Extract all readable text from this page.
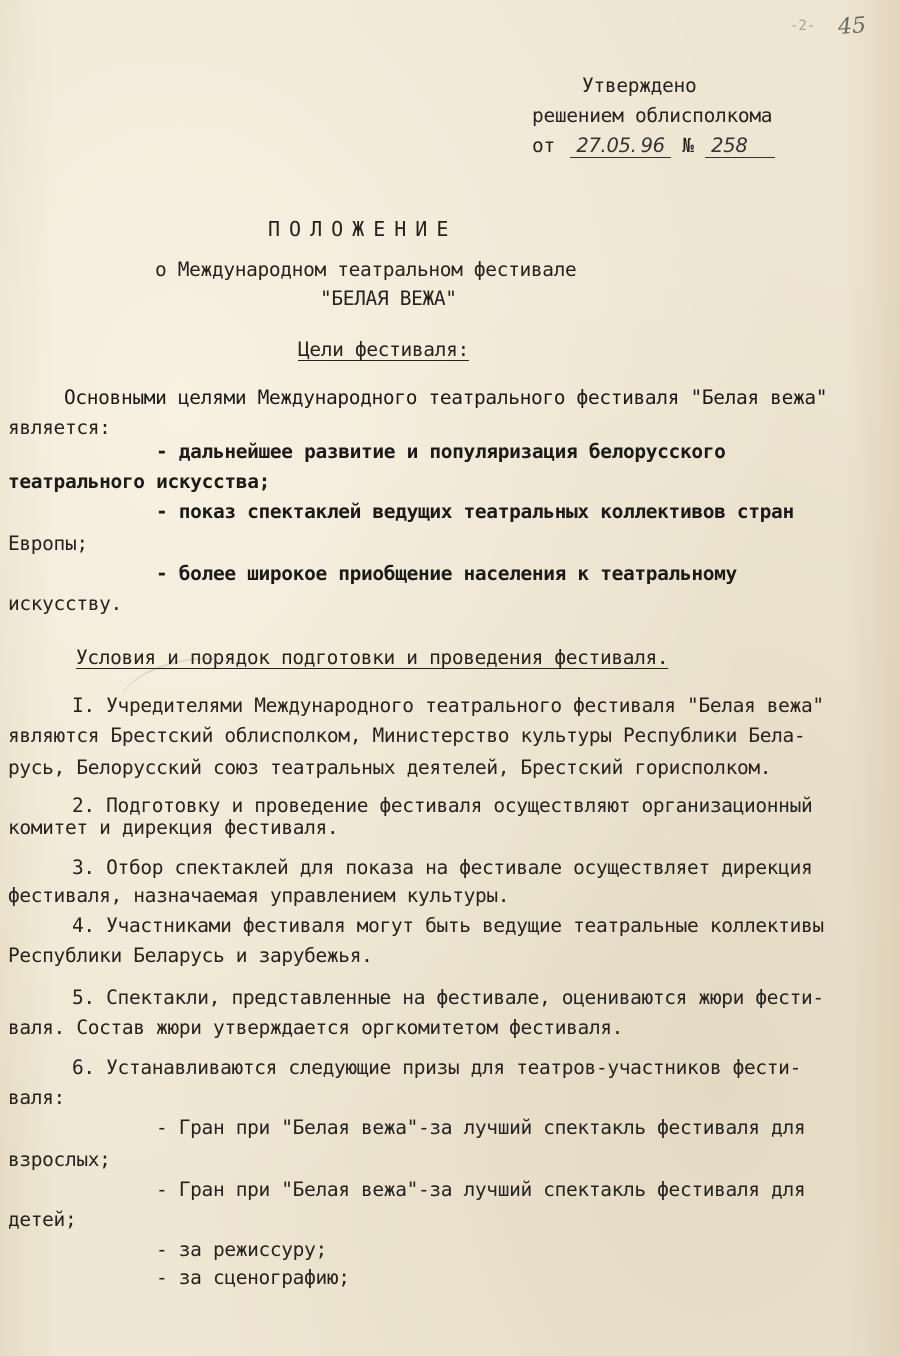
-2- 45
Утверждено
решением облисполкома
от 27.05. 96 № 258
ПОЛОЖЕНИЕ
о Международном театральном фестивале
"БЕЛАЯ ВЕЖА"
Цели фестиваля:
Основными целями Международного театрального фестиваля "Белая вежа"
является:
- дальнейшее развитие и популяризация белорусского
театрального искусства;
- показ спектаклей ведущих театральных коллективов стран
Европы;
- более широкое приобщение населения к театральному
искусству.
Условия и порядок подготовки и проведения фестиваля.
I. Учредителями Международного театрального фестиваля "Белая вежа"
являются Брестский облисполком, Министерство культуры Республики Бела-
русь, Белорусский союз театральных деятелей, Брестский горисполком.
2. Подготовку и проведение фестиваля осуществляют организационный
комитет и дирекция фестиваля.
3. Отбор спектаклей для показа на фестивале осуществляет дирекция
фестиваля, назначаемая управлением культуры.
4. Участниками фестиваля могут быть ведущие театральные коллективы
Республики Беларусь и зарубежья.
5. Спектакли, представленные на фестивале, оцениваются жюри фести-
валя. Состав жюри утверждается оргкомитетом фестиваля.
6. Устанавливаются следующие призы для театров-участников фести-
валя:
- Гран при "Белая вежа"-за лучший спектакль фестиваля для
взрослых;
- Гран при "Белая вежа"-за лучший спектакль фестиваля для
детей;
- за режиссуру;
- за сценографию;
